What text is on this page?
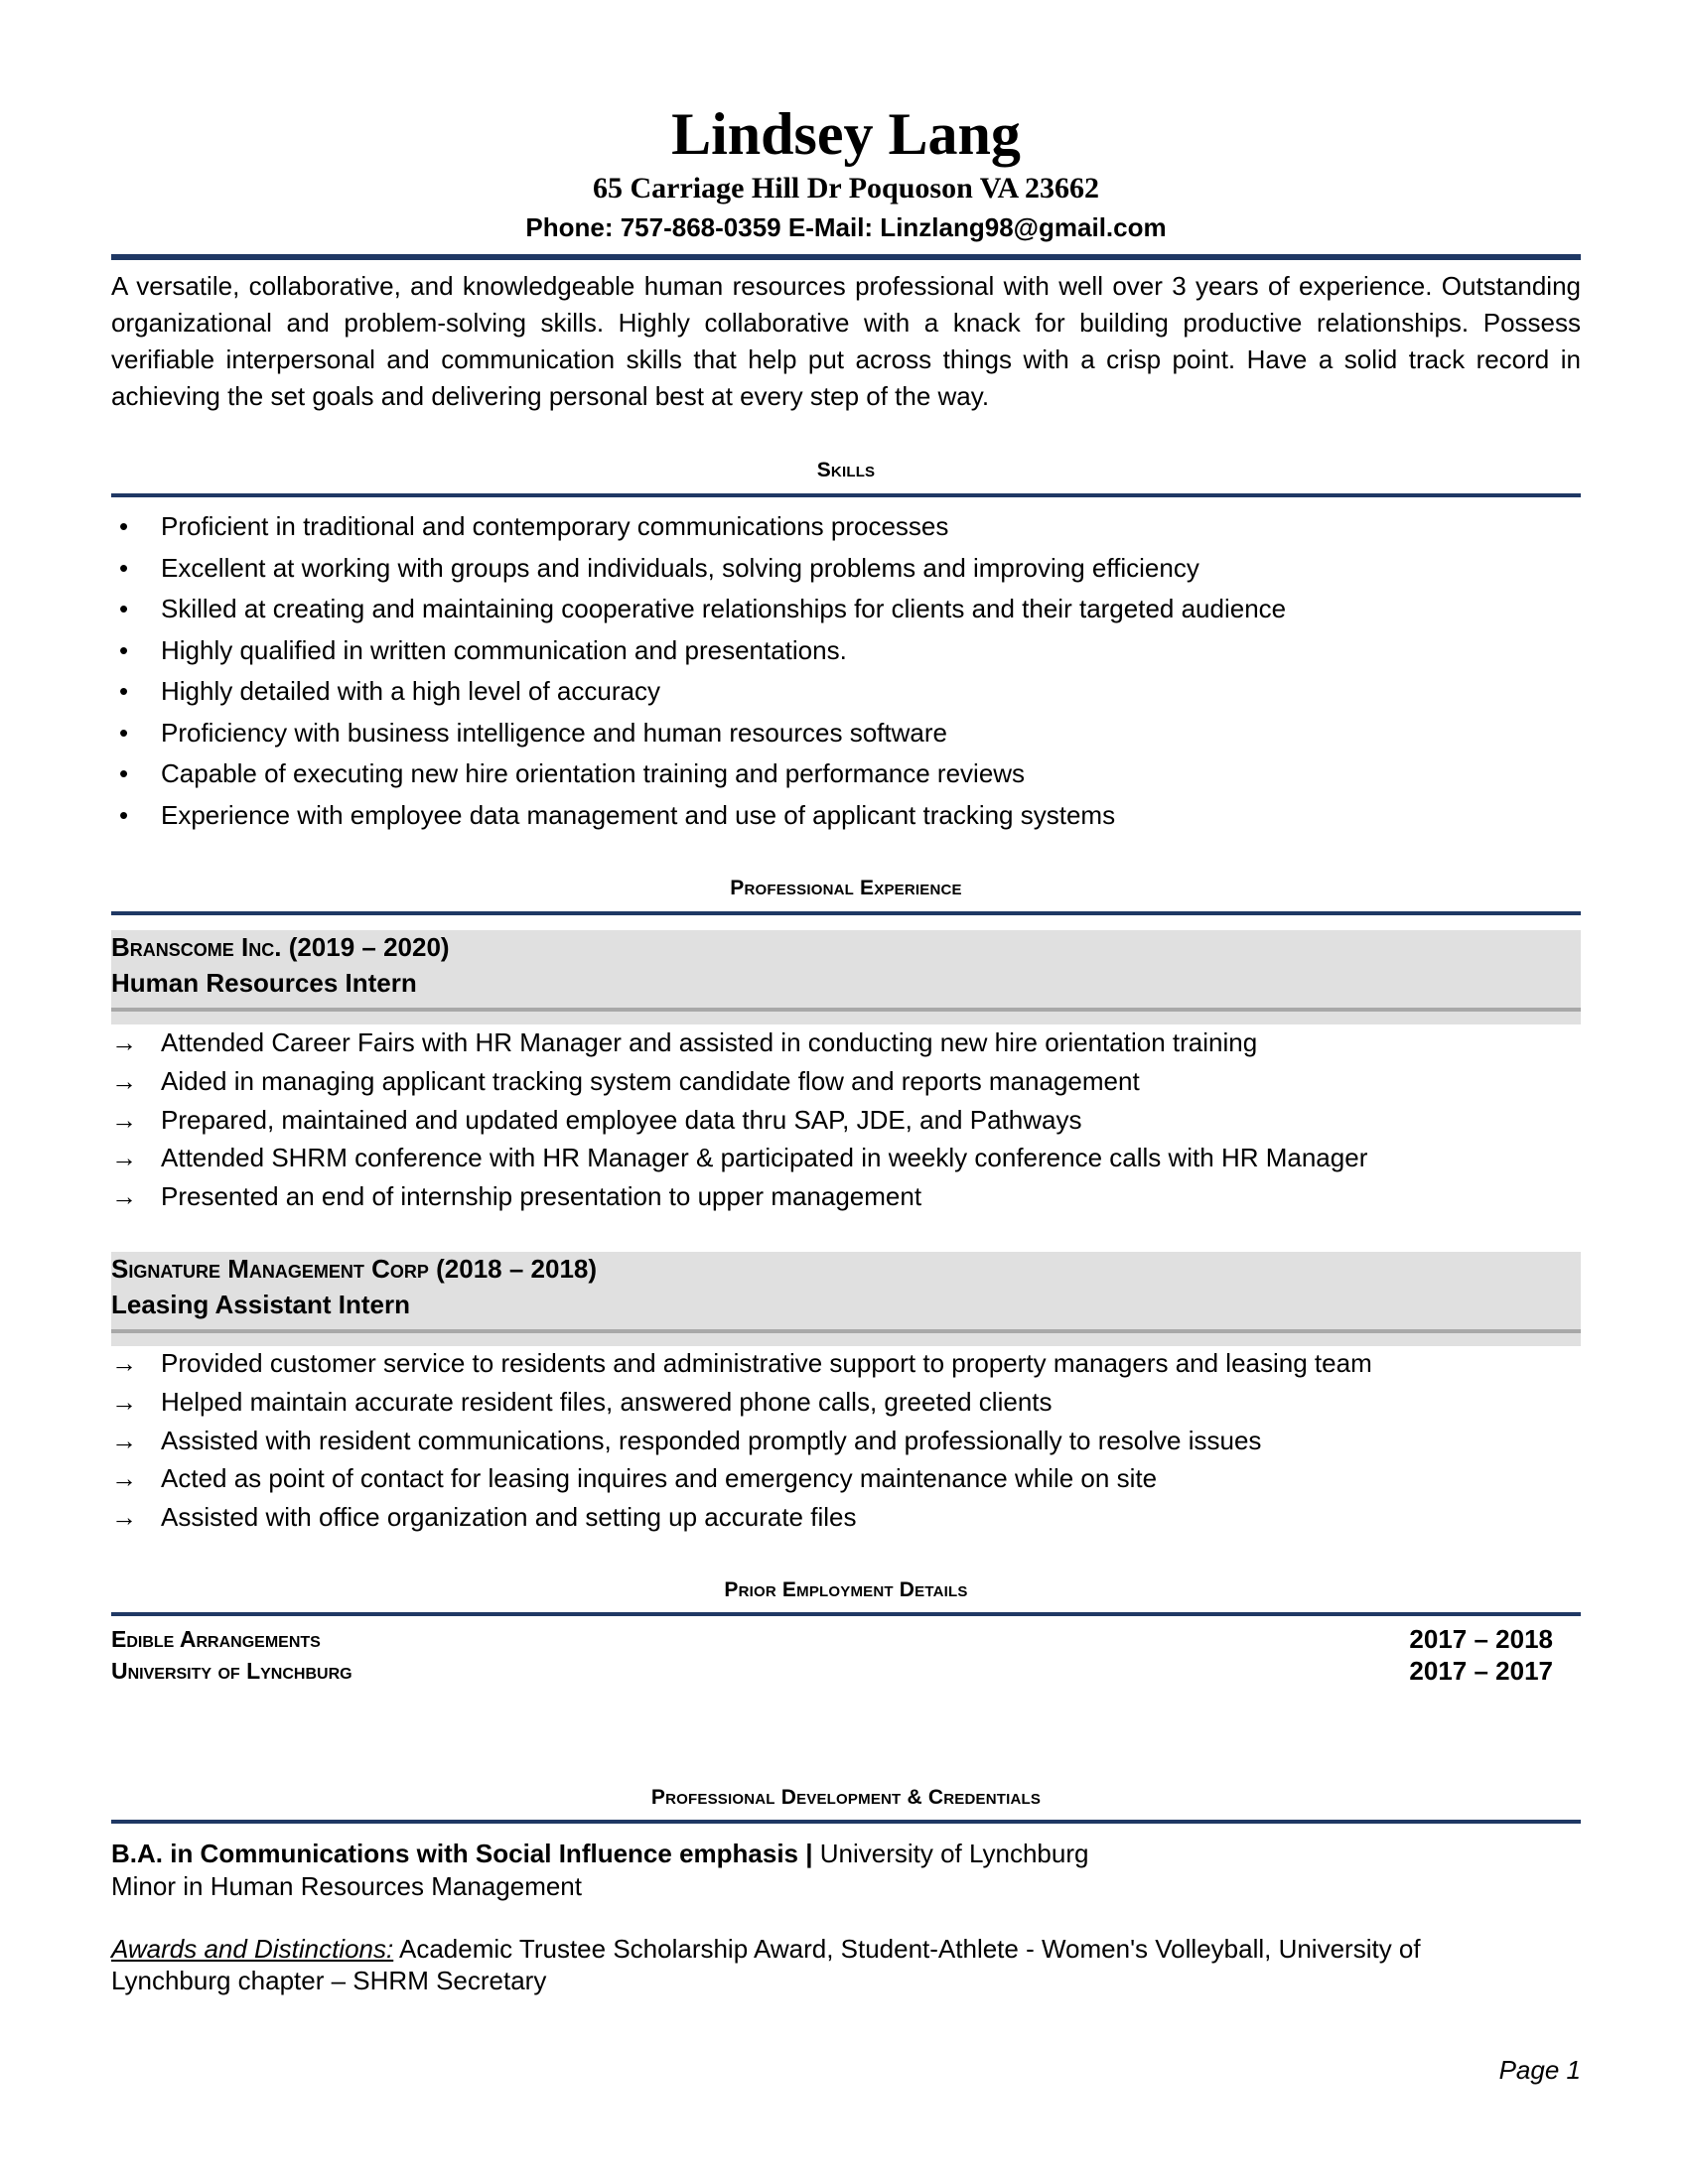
Lindsey Lang
65 Carriage Hill Dr Poquoson VA 23662
Phone: 757-868-0359 E-Mail: Linzlang98@gmail.com
A versatile, collaborative, and knowledgeable human resources professional with well over 3 years of experience. Outstanding organizational and problem-solving skills. Highly collaborative with a knack for building productive relationships. Possess verifiable interpersonal and communication skills that help put across things with a crisp point. Have a solid track record in achieving the set goals and delivering personal best at every step of the way.
Skills
• Proficient in traditional and contemporary communications processes
• Excellent at working with groups and individuals, solving problems and improving efficiency
• Skilled at creating and maintaining cooperative relationships for clients and their targeted audience
• Highly qualified in written communication and presentations.
• Highly detailed with a high level of accuracy
• Proficiency with business intelligence and human resources software
• Capable of executing new hire orientation training and performance reviews
• Experience with employee data management and use of applicant tracking systems
Professional Experience
Branscome Inc. (2019 – 2020)
Human Resources Intern
→ Attended Career Fairs with HR Manager and assisted in conducting new hire orientation training
→ Aided in managing applicant tracking system candidate flow and reports management
→ Prepared, maintained and updated employee data thru SAP, JDE, and Pathways
→ Attended SHRM conference with HR Manager & participated in weekly conference calls with HR Manager
→ Presented an end of internship presentation to upper management
Signature Management Corp (2018 – 2018)
Leasing Assistant Intern
→ Provided customer service to residents and administrative support to property managers and leasing team
→ Helped maintain accurate resident files, answered phone calls, greeted clients
→ Assisted with resident communications, responded promptly and professionally to resolve issues
→ Acted as point of contact for leasing inquires and emergency maintenance while on site
→ Assisted with office organization and setting up accurate files
Prior Employment Details
Edible Arrangements	2017 – 2018
University of Lynchburg	2017 – 2017
Professional Development & Credentials
B.A. in Communications with Social Influence emphasis | University of Lynchburg
Minor in Human Resources Management
Awards and Distinctions: Academic Trustee Scholarship Award, Student-Athlete - Women's Volleyball, University of
Lynchburg chapter – SHRM Secretary
Page 1
